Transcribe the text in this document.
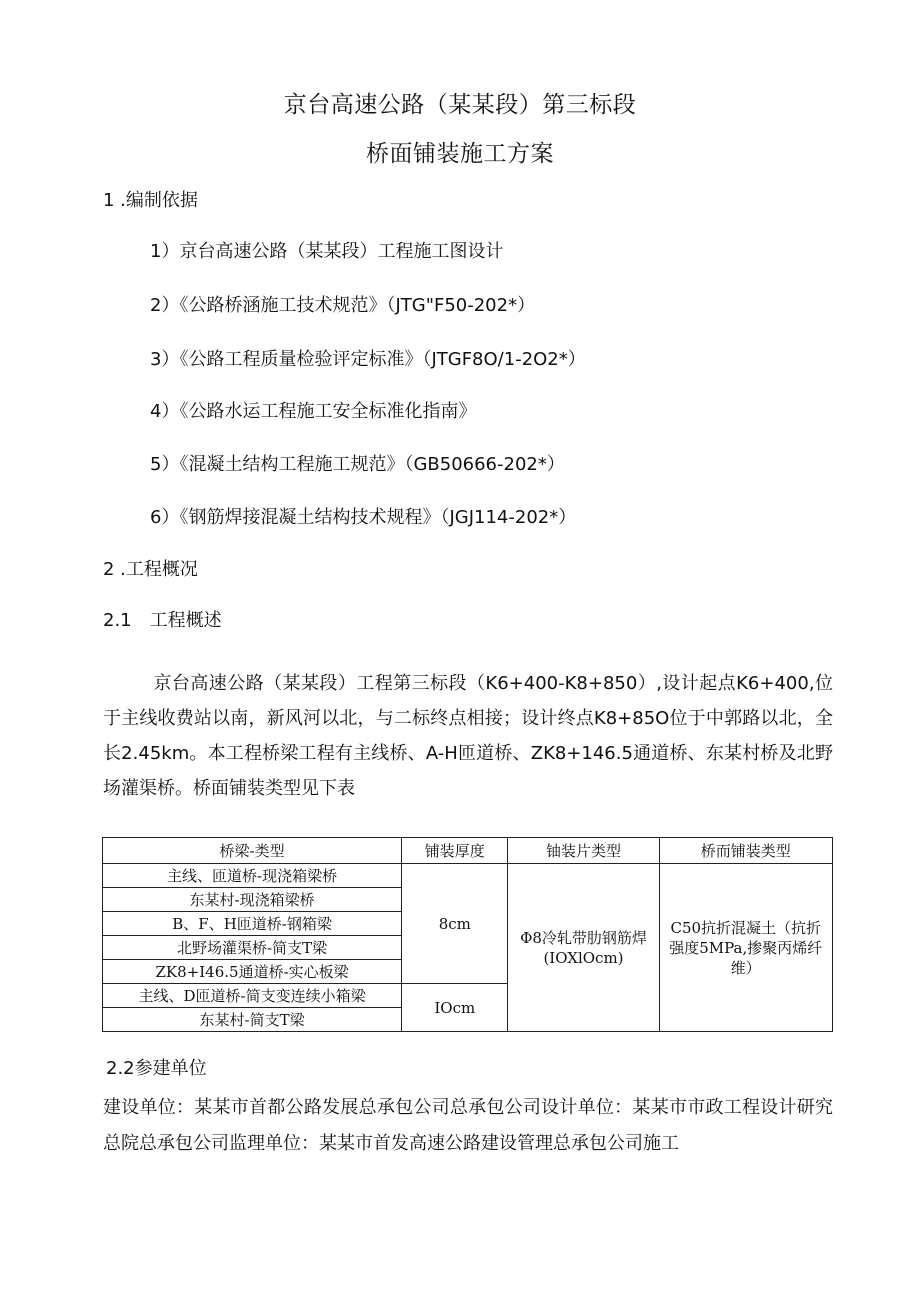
京台高速公路（某某段）第三标段
桥面铺装施工方案
1 .编制依据
1）京台高速公路（某某段）工程施工图设计
2）《公路桥涵施工技术规范》（JTG"F50-202*）
3）《公路工程质量检验评定标准》（JTGF8O∕1-2O2*）
4）《公路水运工程施工安全标准化指南》
5）《混凝土结构工程施工规范》（GB50666-202*）
6）《钢筋焊接混凝土结构技术规程》（JGJ114-202*）
2 .工程概况
2.1　工程概述
京台高速公路（某某段）工程第三标段（K6+400-K8+850）,设计起点K6+400,位于主线收费站以南，新风河以北，与二标终点相接；设计终点K8+85O位于中郭路以北，全长2.45km。本工程桥梁工程有主线桥、A-H匝道桥、ZK8+146.5通道桥、东某村桥及北野场灌渠桥。桥面铺装类型见下表
桥梁-类型	铺装厚度	铀装片类型	桥而铺装类型
主线、匝道桥-现浇箱梁桥	8cm	Φ8冷轧带肋钢筋焊(IOXlOcm)	C50抗折混凝土（抗折强度5MPa,掺聚丙烯纤维）
东某村-现浇箱梁桥			
B、F、H匝道桥-钢箱梁			
北野场灌渠桥-简支T梁			
ZK8+I46.5通道桥-实心板梁			
主线、D匝道桥-简支变连续小箱梁	IOcm		
东某村-简支T梁			
2.2参建单位
建设单位：某某市首都公路发展总承包公司总承包公司设计单位：某某市市政工程设计研究总院总承包公司监理单位：某某市首发高速公路建设管理总承包公司施工
